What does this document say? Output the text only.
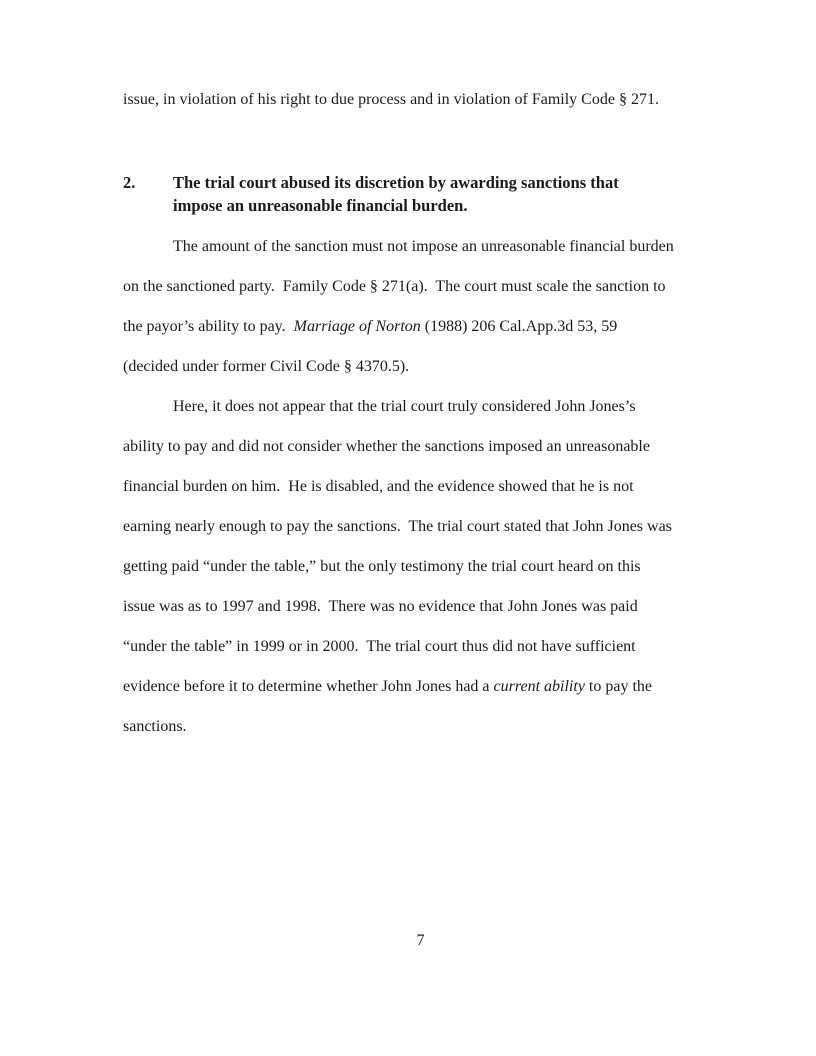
issue, in violation of his right to due process and in violation of Family Code § 271.
2. The trial court abused its discretion by awarding sanctions that
impose an unreasonable financial burden.
The amount of the sanction must not impose an unreasonable financial burden
on the sanctioned party.  Family Code § 271(a).  The court must scale the sanction to
the payor’s ability to pay.  Marriage of Norton (1988) 206 Cal.App.3d 53, 59
(decided under former Civil Code § 4370.5).
Here, it does not appear that the trial court truly considered John Jones’s
ability to pay and did not consider whether the sanctions imposed an unreasonable
financial burden on him.  He is disabled, and the evidence showed that he is not
earning nearly enough to pay the sanctions.  The trial court stated that John Jones was
getting paid “under the table,” but the only testimony the trial court heard on this
issue was as to 1997 and 1998.  There was no evidence that John Jones was paid
“under the table” in 1999 or in 2000.  The trial court thus did not have sufficient
evidence before it to determine whether John Jones had a current ability to pay the
sanctions.
7
